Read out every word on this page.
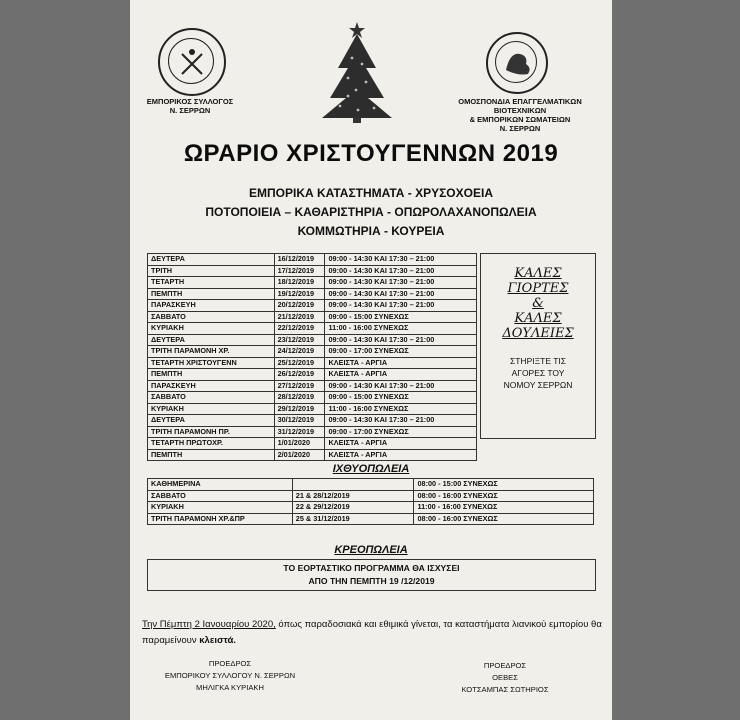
ΕΜΠΟΡΙΚΟΣ ΣΥΛΛΟΓΟΣ
Ν. ΣΕΡΡΩΝ
ΟΜΟΣΠΟΝΔΙΑ ΕΠΑΓΓΕΛΜΑΤΙΚΩΝ
ΒΙΟΤΕΧΝΙΚΩΝ
& ΕΜΠΟΡΙΚΩΝ ΣΩΜΑΤΕΙΩΝ
Ν. ΣΕΡΡΩΝ
ΩΡΑΡΙΟ ΧΡΙΣΤΟΥΓΕΝΝΩΝ 2019
ΕΜΠΟΡΙΚΑ ΚΑΤΑΣΤΗΜΑΤΑ - ΧΡΥΣΟΧΟΕΙΑ
ΠΟΤΟΠΟΙΕΙΑ – ΚΑΘΑΡΙΣΤΗΡΙΑ - ΟΠΩΡΟΛΑΧΑΝΟΠΩΛΕΙΑ
ΚΟΜΜΩΤΗΡΙΑ - ΚΟΥΡΕΙΑ
ΔΕΥΤΕΡΑ	16/12/2019	09:00 - 14:30 ΚΑΙ 17:30 – 21:00
ΤΡΙΤΗ	17/12/2019	09:00 - 14:30 ΚΑΙ 17:30 – 21:00
ΤΕΤΑΡΤΗ	18/12/2019	09:00 - 14:30 ΚΑΙ 17:30 – 21:00
ΠΕΜΠΤΗ	19/12/2019	09:00 - 14:30 ΚΑΙ 17:30 – 21:00
ΠΑΡΑΣΚΕΥΗ	20/12/2019	09:00 - 14:30 ΚΑΙ 17:30 – 21:00
ΣΑΒΒΑΤΟ	21/12/2019	09:00 - 15:00 ΣΥΝΕΧΩΣ
ΚΥΡΙΑΚΗ	22/12/2019	11:00 - 16:00 ΣΥΝΕΧΩΣ
ΔΕΥΤΕΡΑ	23/12/2019	09:00 - 14:30 ΚΑΙ 17:30 – 21:00
ΤΡΙΤΗ ΠΑΡΑΜΟΝΗ ΧΡ.	24/12/2019	09:00 - 17:00 ΣΥΝΕΧΩΣ
ΤΕΤΑΡΤΗ ΧΡΙΣΤΟΥΓΕΝΝ	25/12/2019	ΚΛΕΙΣΤΑ - ΑΡΓΙΑ
ΠΕΜΠΤΗ	26/12/2019	ΚΛΕΙΣΤΑ - ΑΡΓΙΑ
ΠΑΡΑΣΚΕΥΗ	27/12/2019	09:00 - 14:30 ΚΑΙ 17:30 – 21:00
ΣΑΒΒΑΤΟ	28/12/2019	09:00 - 15:00 ΣΥΝΕΧΩΣ
ΚΥΡΙΑΚΗ	29/12/2019	11:00 - 16:00 ΣΥΝΕΧΩΣ
ΔΕΥΤΕΡΑ	30/12/2019	09:00 - 14:30 ΚΑΙ 17:30 – 21:00
ΤΡΙΤΗ ΠΑΡΑΜΟΝΗ ΠΡ.	31/12/2019	09:00 - 17:00 ΣΥΝΕΧΩΣ
ΤΕΤΑΡΤΗ ΠΡΩΤΟΧΡ.	1/01/2020	ΚΛΕΙΣΤΑ - ΑΡΓΙΑ
ΠΕΜΠΤΗ	2/01/2020	ΚΛΕΙΣΤΑ - ΑΡΓΙΑ
ΚΑΛΕΣ
ΓΙΟΡΤΕΣ
&
ΚΑΛΕΣ
ΔΟΥΛΕΙΕΣ
ΣΤΗΡΙΞΤΕ ΤΙΣ
ΑΓΟΡΕΣ ΤΟΥ
ΝΟΜΟΥ ΣΕΡΡΩΝ
ΙΧΘΥΟΠΩΛΕΙΑ
ΚΑΘΗΜΕΡΙΝΑ		08:00 - 15:00 ΣΥΝΕΧΩΣ
ΣΑΒΒΑΤΟ	21 & 28/12/2019	08:00 - 16:00 ΣΥΝΕΧΩΣ
ΚΥΡΙΑΚΗ	22 & 29/12/2019	11:00 - 16:00 ΣΥΝΕΧΩΣ
ΤΡΙΤΗ ΠΑΡΑΜΟΝΗ ΧΡ.&ΠΡ	25 & 31/12/2019	08:00 - 16:00 ΣΥΝΕΧΩΣ
ΚΡΕΟΠΩΛΕΙΑ
ΤΟ ΕΟΡΤΑΣΤΙΚΟ ΠΡΟΓΡΑΜΜΑ ΘΑ ΙΣΧΥΣΕΙ
ΑΠΟ ΤΗΝ ΠΕΜΠΤΗ 19 /12/2019
Την Πέμπτη 2 Ιανουαρίου 2020, όπως παραδοσιακά και εθιμικά γίνεται, τα καταστήματα λιανικού εμπορίου θα παραμείνουν κλειστά.
ΠΡΟΕΔΡΟΣ
ΕΜΠΟΡΙΚΟΥ ΣΥΛΛΟΓΟΥ Ν. ΣΕΡΡΩΝ
ΜΗΛΙΓΚΑ ΚΥΡΙΑΚΗ
ΠΡΟΕΔΡΟΣ
ΟΕΒΕΣ
ΚΟΤΣΑΜΠΑΣ ΣΩΤΗΡΙΟΣ
